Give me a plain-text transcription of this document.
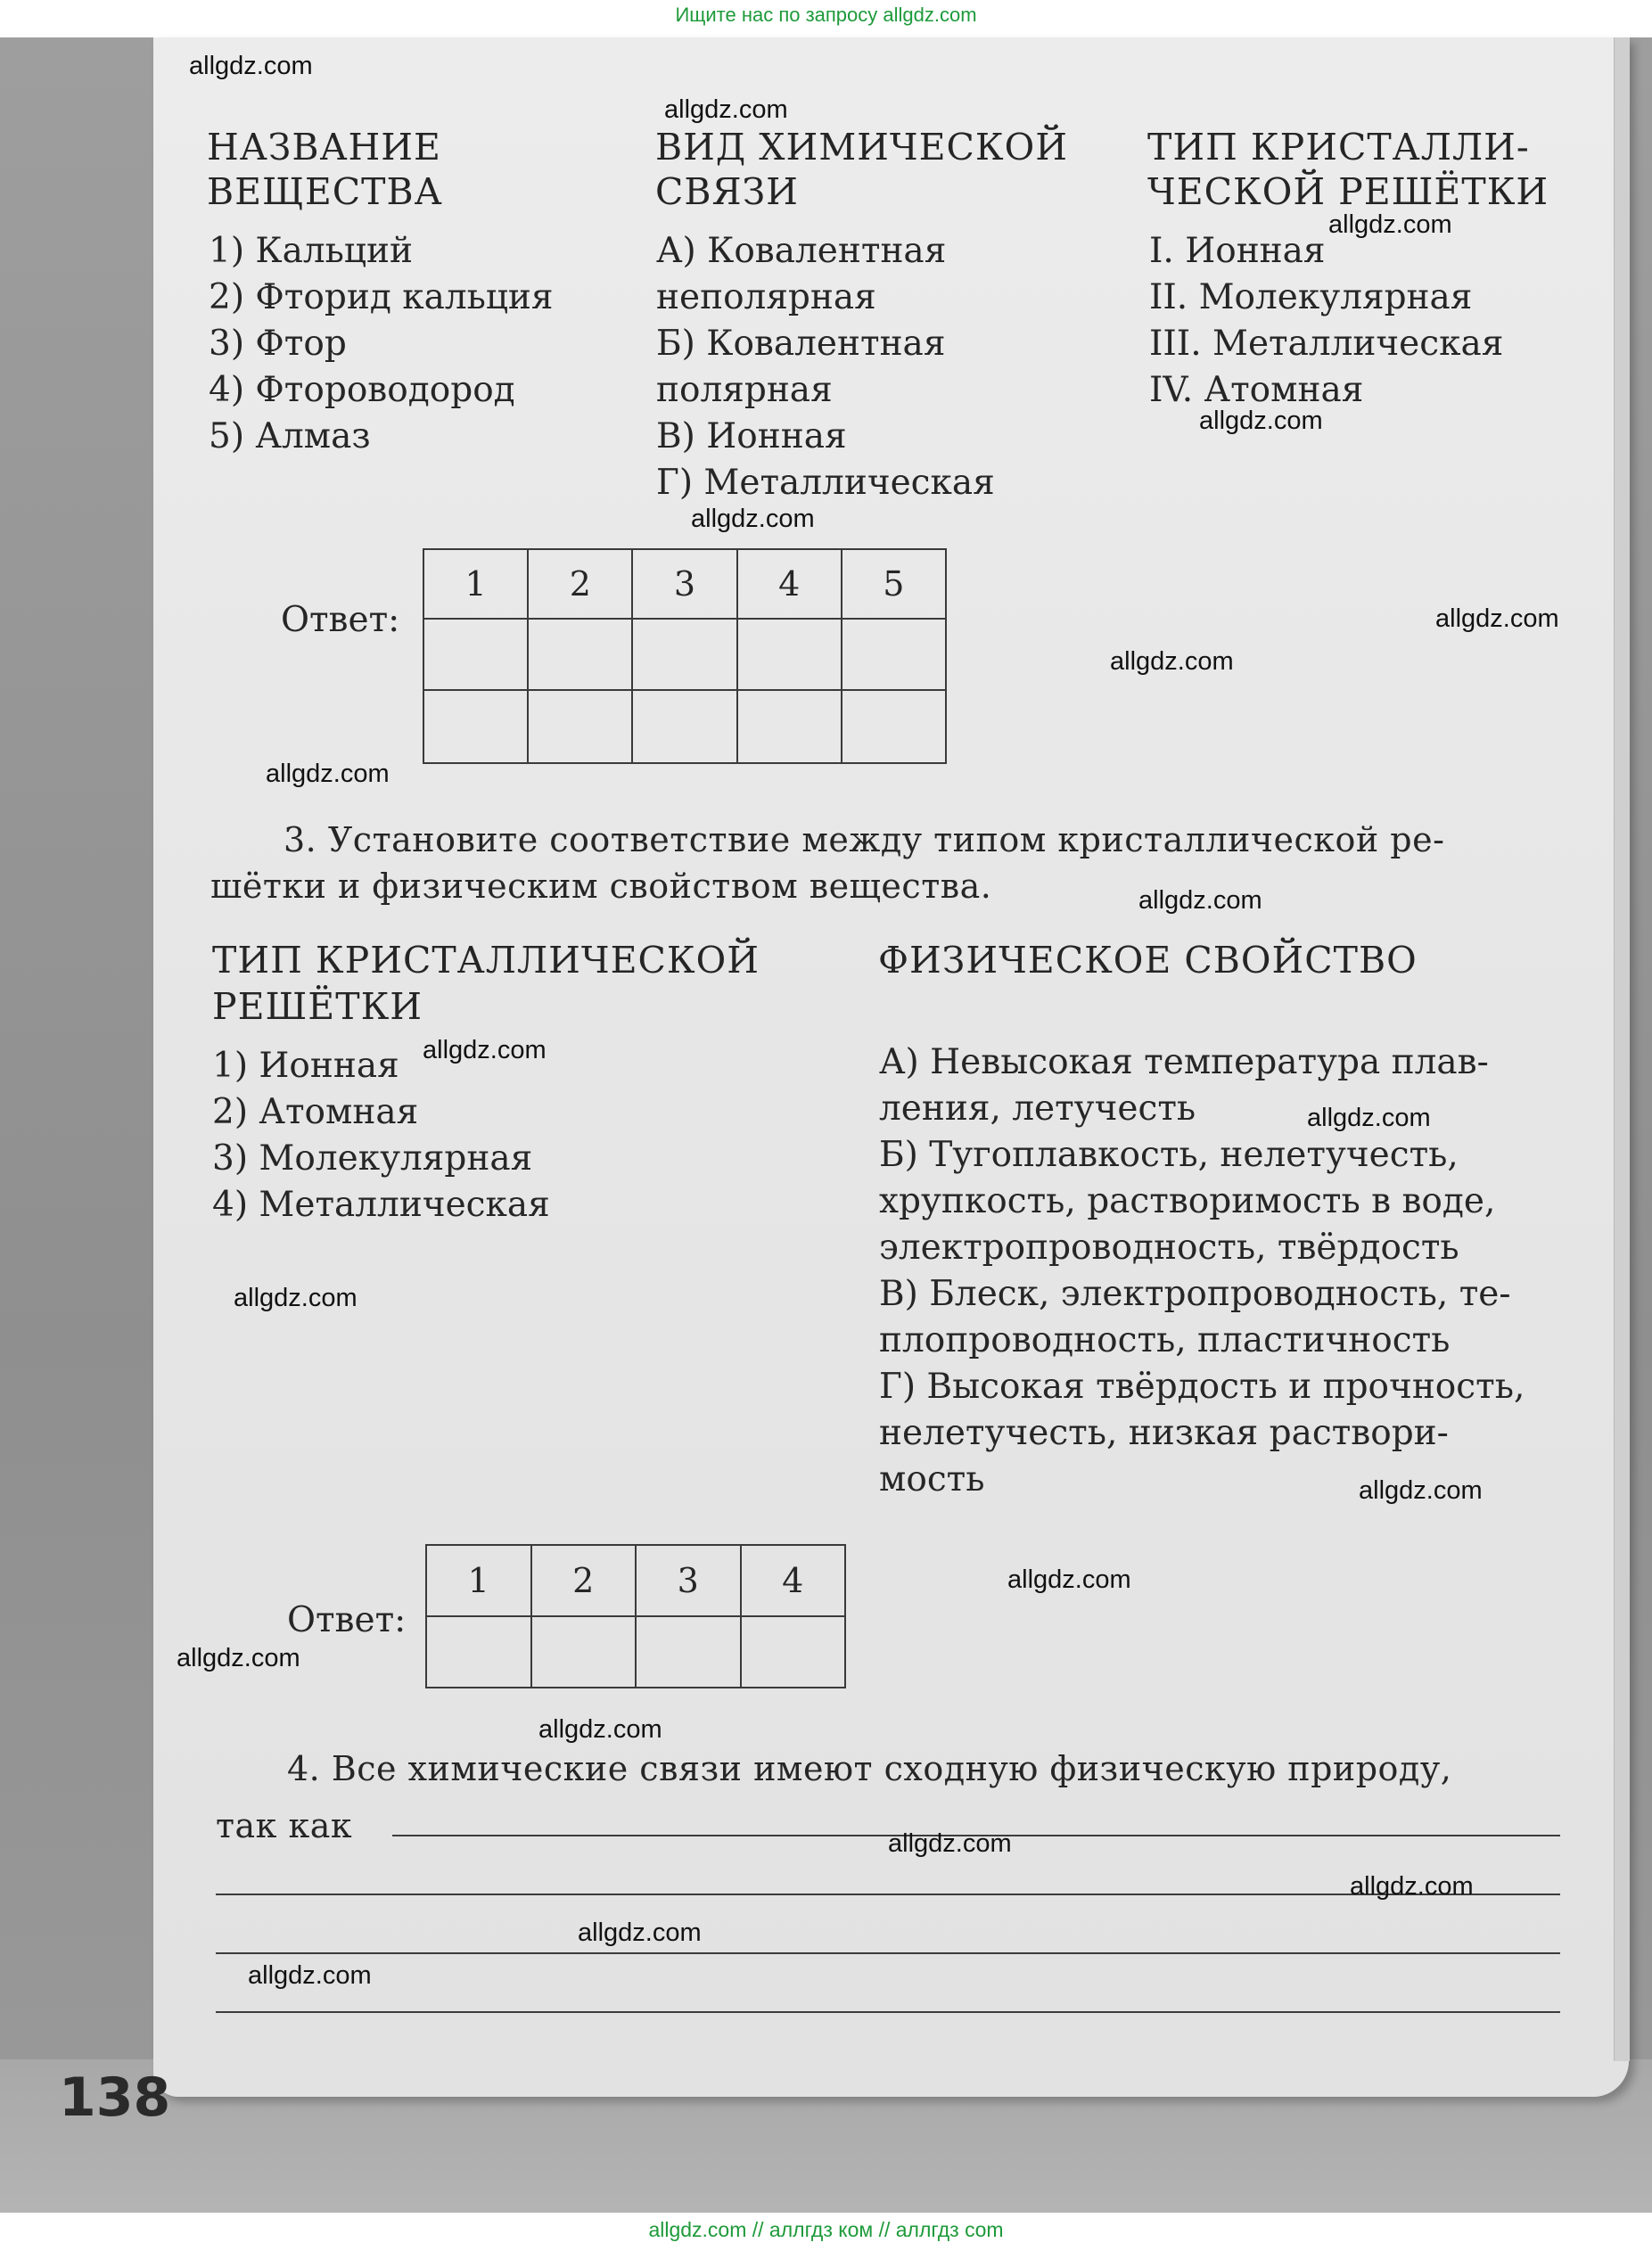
Ищите нас по запросу allgdz.com
НАЗВАНИЕ
ВЕЩЕСТВА
ВИД ХИМИЧЕСКОЙ
СВЯЗИ
ТИП КРИСТАЛЛИ-
ЧЕСКОЙ РЕШЁТКИ
1) Кальций
2) Фторид кальция
3) Фтор
4) Фтороводород
5) Алмаз
А) Ковалентная
неполярная
Б) Ковалентная
полярная
В) Ионная
Г) Металлическая
I. Ионная
II. Молекулярная
III. Металлическая
IV. Атомная
Ответ:
1	2	3	4	5

3. Установите соответствие между типом кристаллической ре-
шётки и физическим свойством вещества.
ТИП КРИСТАЛЛИЧЕСКОЙ
РЕШЁТКИ
ФИЗИЧЕСКОЕ СВОЙСТВО
1) Ионная
2) Атомная
3) Молекулярная
4) Металлическая
А) Невысокая температура плав-
ления, летучесть
Б) Тугоплавкость, нелетучесть,
хрупкость, растворимость в воде,
электропроводность, твёрдость
В) Блеск, электропроводность, те-
плопроводность, пластичность
Г) Высокая твёрдость и прочность,
нелетучесть, низкая раствори-
мость
Ответ:
1	2	3	4

4. Все химические связи имеют сходную физическую природу,
так как
138
allgdz.com
allgdz.com
allgdz.com
allgdz.com
allgdz.com
allgdz.com
allgdz.com
allgdz.com
allgdz.com
allgdz.com
allgdz.com
allgdz.com
allgdz.com
allgdz.com
allgdz.com
allgdz.com
allgdz.com
allgdz.com
allgdz.com
allgdz.com
allgdz.com // аллгдз ком // аллгдз com
